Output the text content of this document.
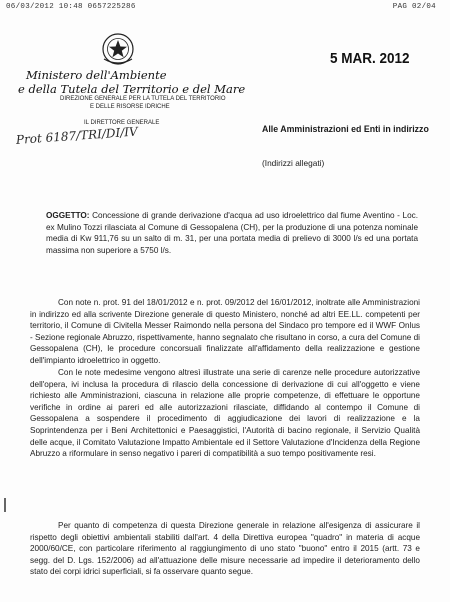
06/03/2012 10:48 0657225286	PAG 02/04
Ministero dell'Ambiente
e della Tutela del Territorio e del Mare
DIREZIONE GENERALE PER LA TUTELA DEL TERRITORIO
E DELLE RISORSE IDRICHE
IL DIRETTORE GENERALE
5 MAR. 2012
Prot 6187/TRI/DI/IV	Alle Amministrazioni ed Enti in indirizzo
(Indirizzi allegati)
OGGETTO: Concessione di grande derivazione d'acqua ad uso idroelettrico dal fiume Aventino - Loc. ex Mulino Tozzi rilasciata al Comune di Gessopalena (CH), per la produzione di una potenza nominale media di Kw 911,76 su un salto di m. 31, per una portata media di prelievo di 3000 l/s ed una portata massima non superiore a 5750 l/s.
Con note n. prot. 91 del 18/01/2012 e n. prot. 09/2012 del 16/01/2012, inoltrate alle Amministrazioni in indirizzo ed alla scrivente Direzione generale di questo Ministero, nonché ad altri EE.LL. competenti per territorio, il Comune di Civitella Messer Raimondo nella persona del Sindaco pro tempore ed il WWF Onlus - Sezione regionale Abruzzo, rispettivamente, hanno segnalato che risultano in corso, a cura del Comune di Gessopalena (CH), le procedure concorsuali finalizzate all'affidamento della realizzazione e gestione dell'impianto idroelettrico in oggetto.
Con le note medesime vengono altresì illustrate una serie di carenze nelle procedure autorizzative dell'opera, ivi inclusa la procedura di rilascio della concessione di derivazione di cui all'oggetto e viene richiesto alle Amministrazioni, ciascuna in relazione alle proprie competenze, di effettuare le opportune verifiche in ordine ai pareri ed alle autorizzazioni rilasciate, diffidando al contempo il Comune di Gessopalena a sospendere il procedimento di aggiudicazione dei lavori di realizzazione e la Soprintendenza per i Beni Architettonici e Paesaggistici, l'Autorità di bacino regionale, il Servizio Qualità delle acque, il Comitato Valutazione Impatto Ambientale ed il Settore Valutazione d'Incidenza della Regione Abruzzo a riformulare in senso negativo i pareri di compatibilità a suo tempo positivamente resi.
Per quanto di competenza di questa Direzione generale in relazione all'esigenza di assicurare il rispetto degli obiettivi ambientali stabiliti dall'art. 4 della Direttiva europea "quadro" in materia di acque 2000/60/CE, con particolare riferimento al raggiungimento di uno stato "buono" entro il 2015 (artt. 73 e segg. del D. Lgs. 152/2006) ad all'attuazione delle misure necessarie ad impedire il deterioramento dello stato dei corpi idrici superficiali, si fa osservare quanto segue.
